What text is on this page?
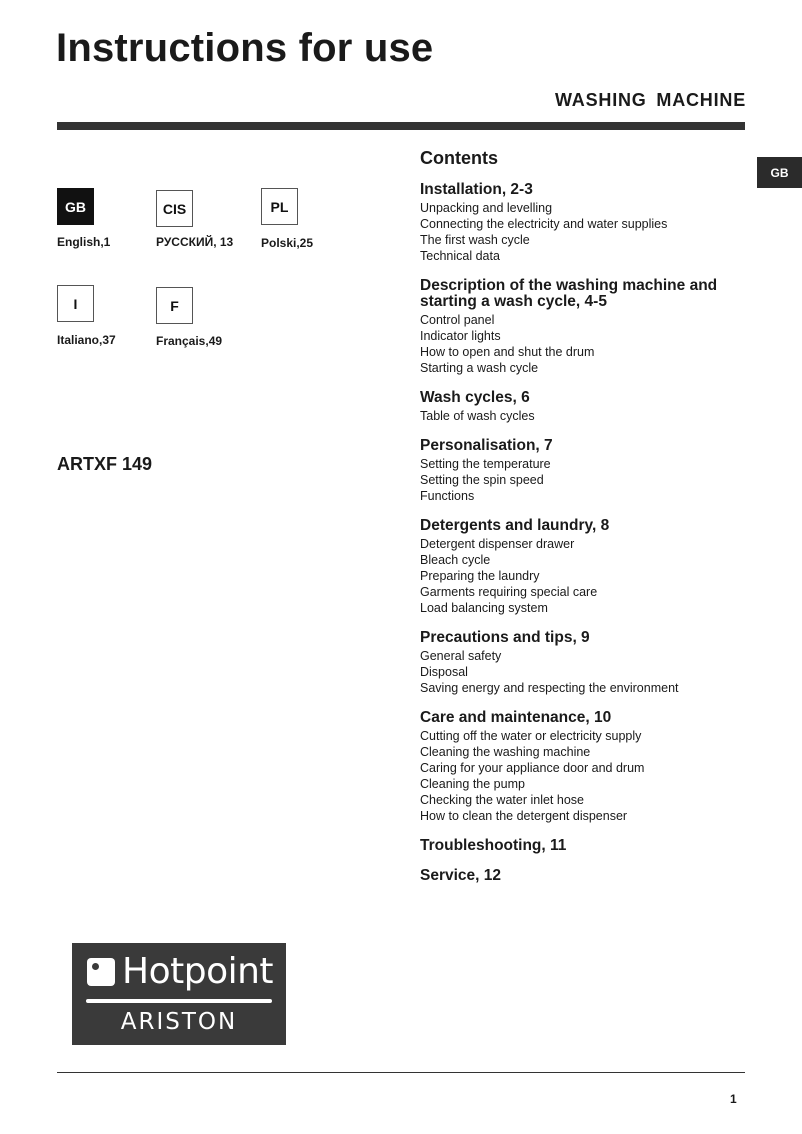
Instructions for use
WASHING MACHINE
GB
GB
English,1
CIS
РУССКИЙ, 13
PL
Polski,25
I
Italiano,37
F
Français,49
ARTXF 149
Contents
Installation, 2-3
Unpacking and levelling
Connecting the electricity and water supplies
The first wash cycle
Technical data
Description of the washing machine and starting a wash cycle, 4-5
Control panel
Indicator lights
How to open and shut the drum
Starting a wash cycle
Wash cycles, 6
Table of wash cycles
Personalisation, 7
Setting the temperature
Setting the spin speed
Functions
Detergents and laundry, 8
Detergent dispenser drawer
Bleach cycle
Preparing the laundry
Garments requiring special care
Load balancing system
Precautions and tips, 9
General safety
Disposal
Saving energy and respecting the environment
Care and maintenance, 10
Cutting off the water or electricity supply
Cleaning the washing machine
Caring for your appliance door and drum
Cleaning the pump
Checking the water inlet hose
How to clean the detergent dispenser
Troubleshooting, 11
Service, 12
Hotpoint
ARISTON
1
